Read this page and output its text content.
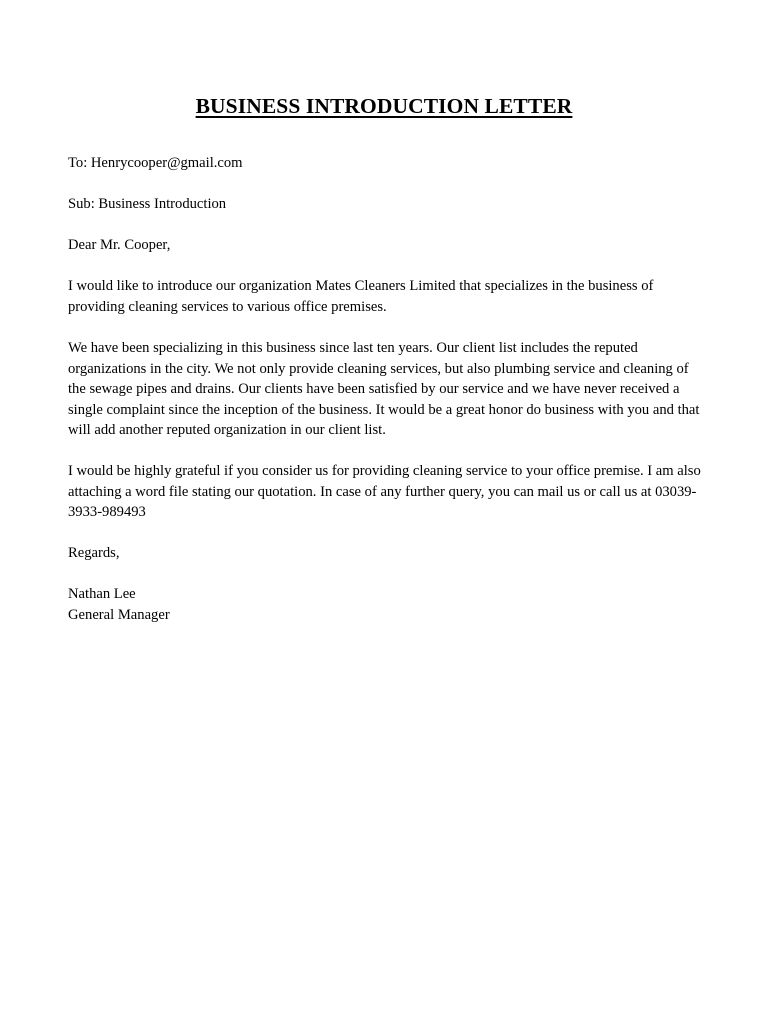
BUSINESS INTRODUCTION LETTER

To: Henrycooper@gmail.com

Sub: Business Introduction

Dear Mr. Cooper,

I would like to introduce our organization Mates Cleaners Limited that specializes in the business of providing cleaning services to various office premises.

We have been specializing in this business since last ten years. Our client list includes the reputed organizations in the city. We not only provide cleaning services, but also plumbing service and cleaning of the sewage pipes and drains. Our clients have been satisfied by our service and we have never received a single complaint since the inception of the business. It would be a great honor do business with you and that will add another reputed organization in our client list.

I would be highly grateful if you consider us for providing cleaning service to your office premise. I am also attaching a word file stating our quotation. In case of any further query, you can mail us or call us at 03039-3933-989493

Regards,

Nathan Lee
General Manager
